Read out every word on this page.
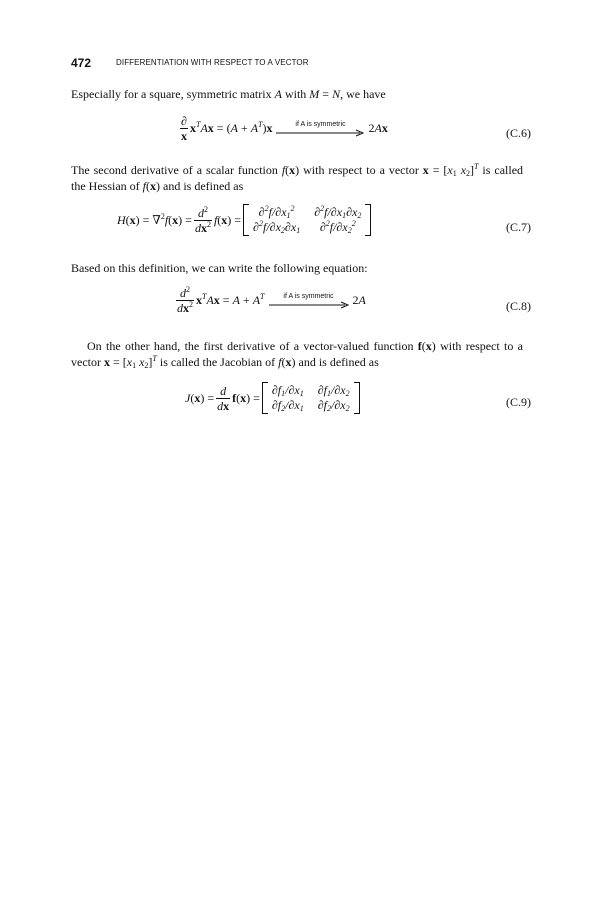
472	DIFFERENTIATION WITH RESPECT TO A VECTOR

Especially for a square, symmetric matrix A with M = N, we have

$\frac{\partial}{x} x^TAx = (A + A^T)x$	if A is symmetric 2Ax	(C.6)

The second derivative of a scalar function f(x) with respect to a vector $x = [x_1$ $x_2]^T$ is called the Hessian of f(x) and is defined as

$H(x) = \nabla^2f(x) = \frac{d^2}{dx^2} f(x)$ =
$\partial^2f/\partial x_1^2$	$\partial^2f/\partial x_1\partial x_2$
$\partial^2f/\partial x_2\partial x_1$	$\partial^2f/\partial x_2^2$	(C.7)

Based on this definition, we can write the following equation:

$\frac{d^2}{dx^2} x^TAx = A + A^T$	if A is symmetric 2A	(C.8)

On the other hand, the first derivative of a vector-valued function f(x) with respect to a vector $x = [x_1$ $x_2]^T$ is called the Jacobian of f(x) and is defined as

$J(x) = \frac{d}{dx} f(x)$ =
$\partial f_1/\partial x_1$ $\partial f_1/\partial x_2$
$\partial f_2/\partial x_1$ $\partial f_2/\partial x_2$	(C.9)
